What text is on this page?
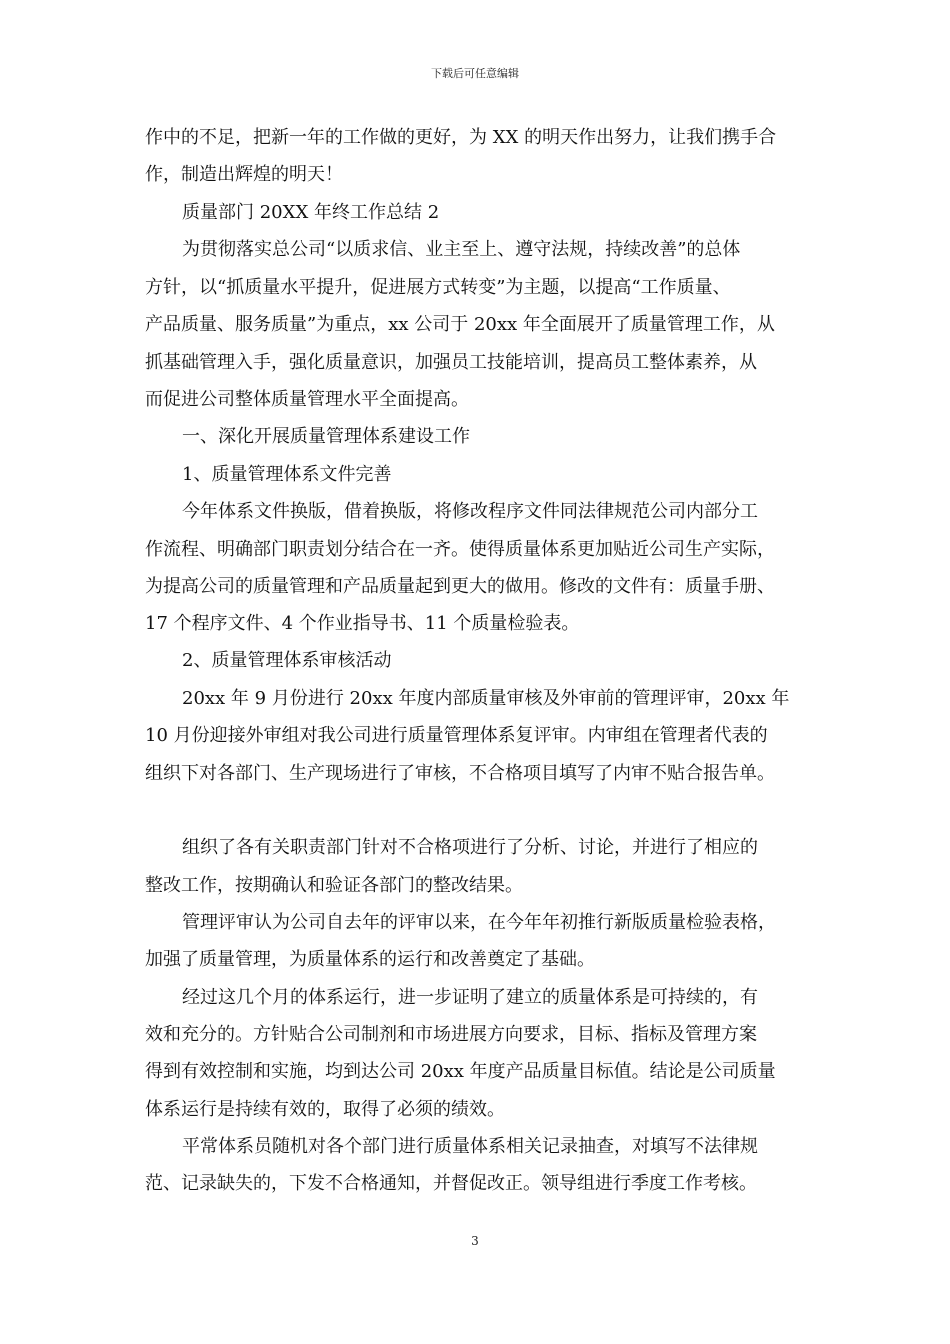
下载后可任意编辑
作中的不足，把新一年的工作做的更好，为 XX 的明天作出努力，让我们携手合
作，制造出辉煌的明天！
质量部门 20XX 年终工作总结 2
为贯彻落实总公司“以质求信、业主至上、遵守法规，持续改善”的总体
方针，以“抓质量水平提升，促进展方式转变”为主题，以提高“工作质量、
产品质量、服务质量”为重点，xx 公司于 20xx 年全面展开了质量管理工作，从
抓基础管理入手，强化质量意识，加强员工技能培训，提高员工整体素养，从
而促进公司整体质量管理水平全面提高。
一、深化开展质量管理体系建设工作
1、质量管理体系文件完善
今年体系文件换版，借着换版，将修改程序文件同法律规范公司内部分工
作流程、明确部门职责划分结合在一齐。使得质量体系更加贴近公司生产实际，
为提高公司的质量管理和产品质量起到更大的做用。修改的文件有：质量手册、
17 个程序文件、4 个作业指导书、11 个质量检验表。
2、质量管理体系审核活动
20xx 年 9 月份进行 20xx 年度内部质量审核及外审前的管理评审，20xx 年
10 月份迎接外审组对我公司进行质量管理体系复评审。内审组在管理者代表的
组织下对各部门、生产现场进行了审核，不合格项目填写了内审不贴合报告单。
组织了各有关职责部门针对不合格项进行了分析、讨论，并进行了相应的
整改工作，按期确认和验证各部门的整改结果。
管理评审认为公司自去年的评审以来，在今年年初推行新版质量检验表格，
加强了质量管理，为质量体系的运行和改善奠定了基础。
经过这几个月的体系运行，进一步证明了建立的质量体系是可持续的，有
效和充分的。方针贴合公司制剂和市场进展方向要求，目标、指标及管理方案
得到有效控制和实施，均到达公司 20xx 年度产品质量目标值。结论是公司质量
体系运行是持续有效的，取得了必须的绩效。
平常体系员随机对各个部门进行质量体系相关记录抽查，对填写不法律规
范、记录缺失的，下发不合格通知，并督促改正。领导组进行季度工作考核。
3
